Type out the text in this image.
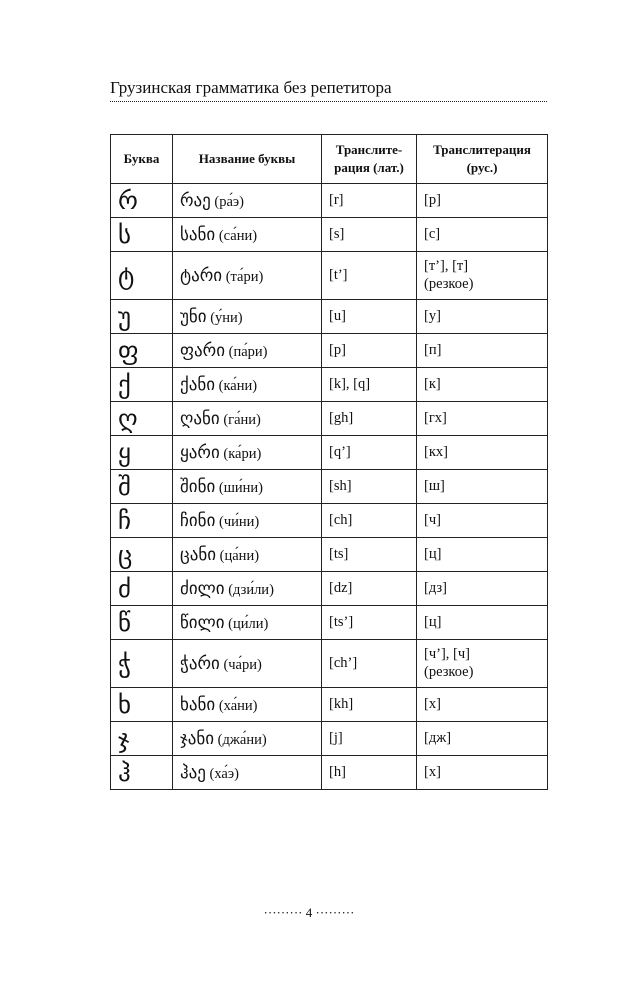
Грузинская грамматика без репетитора
Буква	Название буквы	Транслите-
рация (лат.)	Транслитерация
(рус.)
რ	რაე (ра́э)	[r]	[р]
ს	სანი (са́ни)	[s]	[с]
ტ	ტარი (та́ри)	[t’]	[т’], [т]
(резкое)
უ	უნი (у́ни)	[u]	[у]
ფ	ფარი (па́ри)	[p]	[п]
ქ	ქანი (ка́ни)	[k], [q]	[к]
ღ	ღანი (га́ни)	[gh]	[гх]
ყ	ყარი (ка́ри)	[q’]	[кх]
შ	შინი (ши́ни)	[sh]	[ш]
ჩ	ჩინი (чи́ни)	[ch]	[ч]
ც	ცანი (ца́ни)	[ts]	[ц]
ძ	ძილი (дзи́ли)	[dz]	[дз]
წ	წილი (ци́ли)	[ts’]	[ц]
ჭ	ჭარი (ча́ри)	[ch’]	[ч’], [ч]
(резкое)
ხ	ხანი (ха́ни)	[kh]	[х]
ჯ	ჯანი (джа́ни)	[j]	[дж]
ჰ	ჰაე (ха́э)	[h]	[х]
········· 4 ·········
